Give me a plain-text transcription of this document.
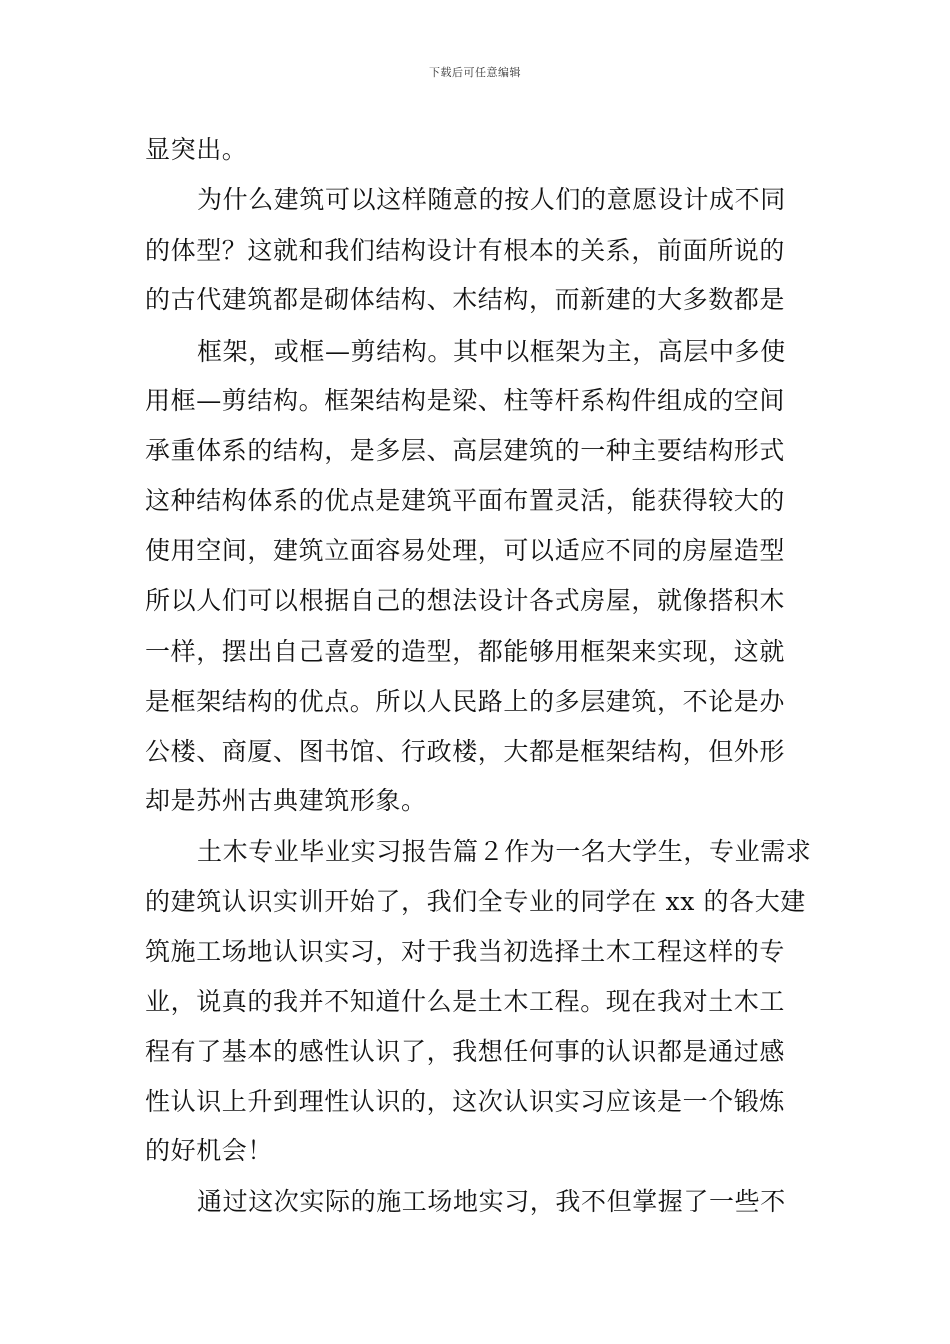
下载后可任意编辑
显突出。
为什么建筑可以这样随意的按人们的意愿设计成不同
的体型？这就和我们结构设计有根本的关系，前面所说的
的古代建筑都是砌体结构、木结构，而新建的大多数都是
框架，或框—剪结构。其中以框架为主，高层中多使
用框—剪结构。框架结构是梁、柱等杆系构件组成的空间
承重体系的结构，是多层、高层建筑的一种主要结构形式
这种结构体系的优点是建筑平面布置灵活，能获得较大的
使用空间，建筑立面容易处理，可以适应不同的房屋造型
所以人们可以根据自己的想法设计各式房屋，就像搭积木
一样，摆出自己喜爱的造型，都能够用框架来实现，这就
是框架结构的优点。所以人民路上的多层建筑，不论是办
公楼、商厦、图书馆、行政楼，大都是框架结构，但外形
却是苏州古典建筑形象。
土木专业毕业实习报告篇２作为一名大学生，专业需求
的建筑认识实训开始了，我们全专业的同学在 xx 的各大建
筑施工场地认识实习，对于我当初选择土木工程这样的专
业，说真的我并不知道什么是土木工程。现在我对土木工
程有了基本的感性认识了，我想任何事的认识都是通过感
性认识上升到理性认识的，这次认识实习应该是一个锻炼
的好机会！
通过这次实际的施工场地实习，我不但掌握了一些不
